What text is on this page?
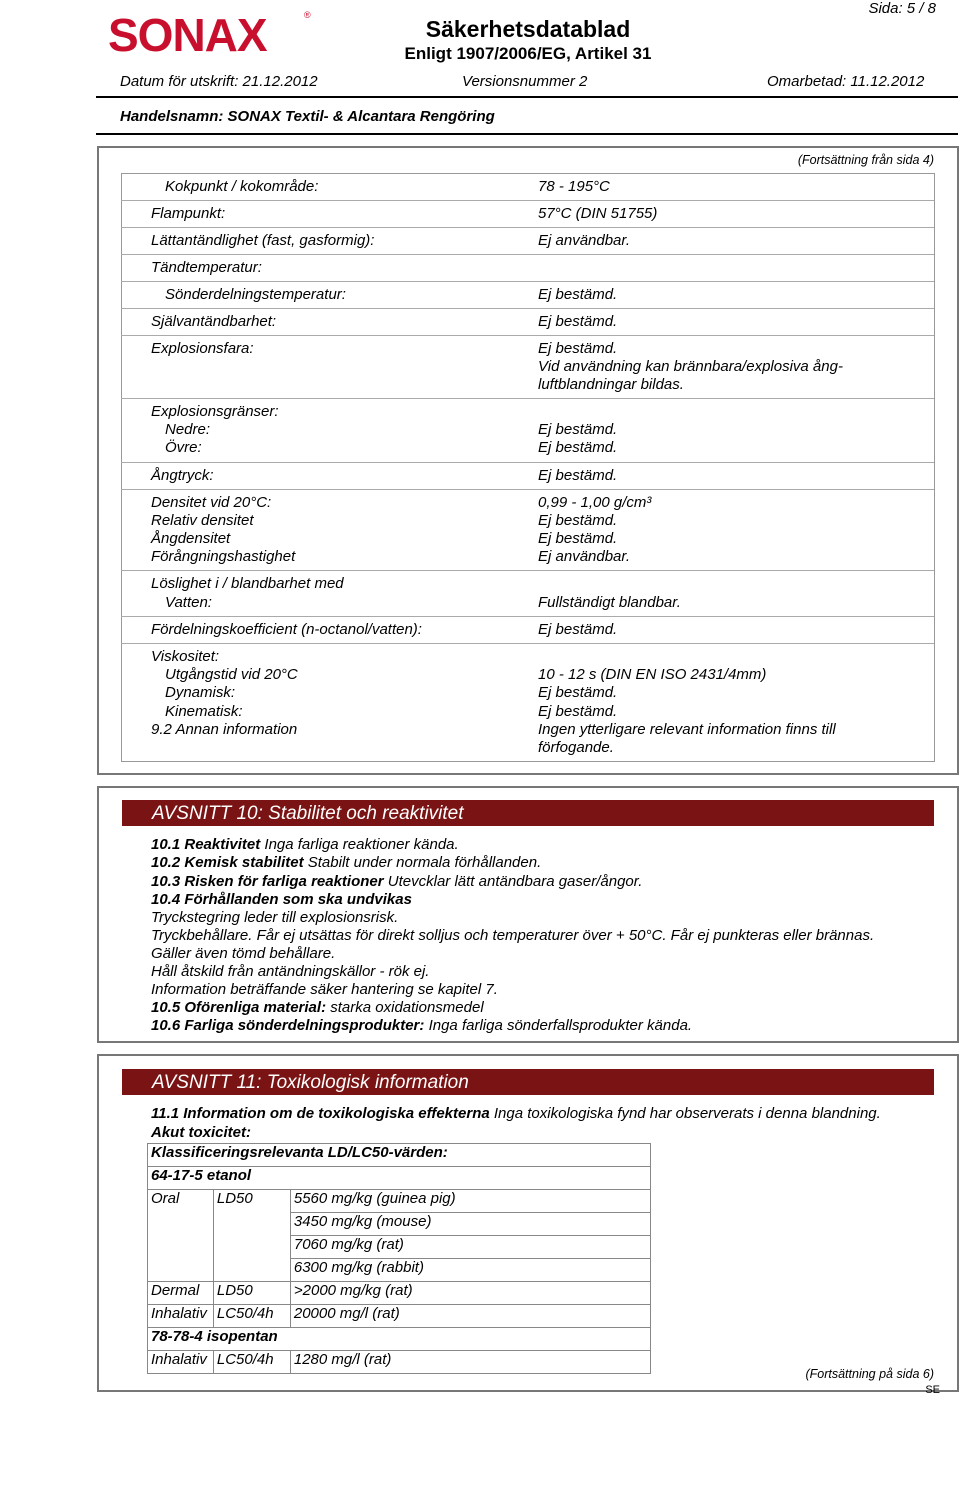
SONAX	®
Säkerhetsdatablad
Enligt 1907/2006/EG, Artikel 31
Sida: 5 / 8
Datum för utskrift: 21.12.2012	Versionsnummer 2	Omarbetad: 11.12.2012
Handelsnamn: SONAX Textil- & Alcantara Rengöring
(Fortsättning från sida 4)
Kokpunkt / kokområde:	78 - 195°C
Flampunkt:	57°C (DIN 51755)
Lättantändlighet (fast, gasformig):	Ej användbar.
Tändtemperatur:
Sönderdelningstemperatur:	Ej bestämd.
Självantändbarhet:	Ej bestämd.
Explosionsfara:	Ej bestämd.
Vid användning kan brännbara/explosiva ång-
luftblandningar bildas.
Explosionsgränser:
Nedre:	Ej bestämd.
Övre:	Ej bestämd.
Ångtryck:	Ej bestämd.
Densitet vid 20°C:	0,99 - 1,00 g/cm³
Relativ densitet	Ej bestämd.
Ångdensitet	Ej bestämd.
Förångningshastighet	Ej användbar.
Löslighet i / blandbarhet med
Vatten:	Fullständigt blandbar.
Fördelningskoefficient (n-octanol/vatten):	Ej bestämd.
Viskositet:
Utgångstid vid 20°C	10 - 12 s (DIN EN ISO 2431/4mm)
Dynamisk:	Ej bestämd.
Kinematisk:	Ej bestämd.
9.2 Annan information	Ingen ytterligare relevant information finns till
förfogande.
AVSNITT 10: Stabilitet och reaktivitet
10.1 Reaktivitet Inga farliga reaktioner kända.
10.2 Kemisk stabilitet Stabilt under normala förhållanden.
10.3 Risken för farliga reaktioner Utevcklar lätt antändbara gaser/ångor.
10.4 Förhållanden som ska undvikas
Tryckstegring leder till explosionsrisk.
Tryckbehållare. Får ej utsättas för direkt solljus och temperaturer över + 50°C. Får ej punkteras eller brännas.
Gäller även tömd behållare.
Håll åtskild från antändningskällor - rök ej.
Information beträffande säker hantering se kapitel 7.
10.5 Oförenliga material: starka oxidationsmedel
10.6 Farliga sönderdelningsprodukter: Inga farliga sönderfallsprodukter kända.
AVSNITT 11: Toxikologisk information
11.1 Information om de toxikologiska effekterna Inga toxikologiska fynd har observerats i denna blandning.
Akut toxicitet:
Klassificeringsrelevanta LD/LC50-värden:		
64-17-5 etanol		
Oral	LD50	5560 mg/kg (guinea pig)
		3450 mg/kg (mouse)
		7060 mg/kg (rat)
		6300 mg/kg (rabbit)
Dermal	LD50	>2000 mg/kg (rat)
Inhalativ	LC50/4h	20000 mg/l (rat)
78-78-4 isopentan		
Inhalativ	LC50/4h	1280 mg/l (rat)
(Fortsättning på sida 6)
SE
